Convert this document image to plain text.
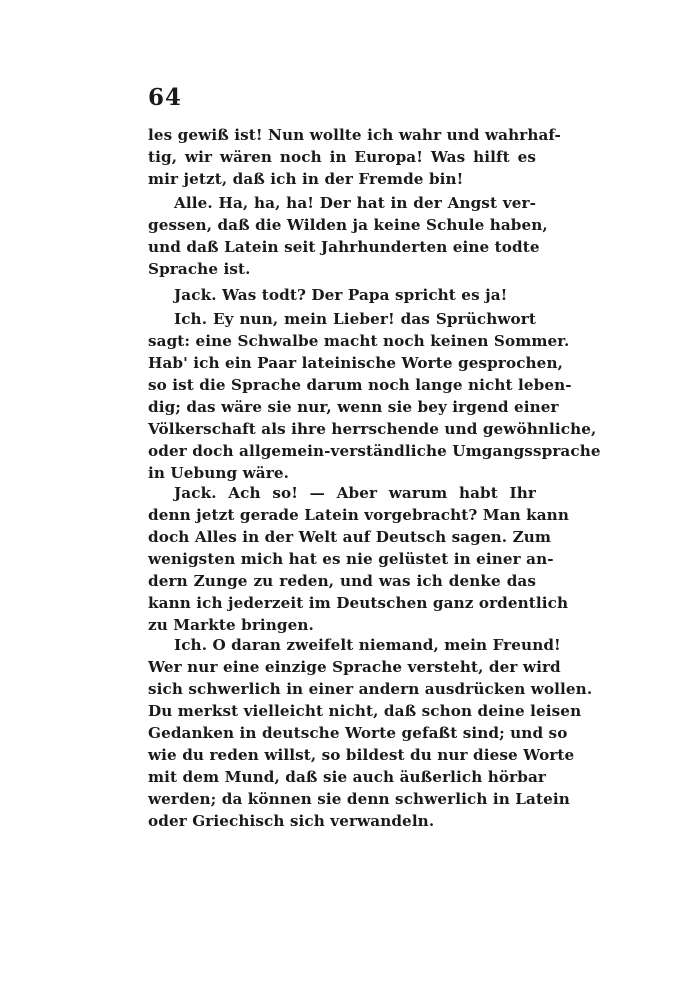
64
les gewiß ist! Nun wollte ich wahr und wahrhaf-
tig, wir wären noch in Europa! Was hilft es
mir jetzt, daß ich in der Fremde bin!
Alle. Ha, ha, ha! Der hat in der Angst ver-
gessen, daß die Wilden ja keine Schule haben,
und daß Latein seit Jahrhunderten eine todte
Sprache ist.
Jack. Was todt? Der Papa spricht es ja!
Ich. Ey nun, mein Lieber! das Sprüchwort
sagt: eine Schwalbe macht noch keinen Sommer.
Hab' ich ein Paar lateinische Worte gesprochen,
so ist die Sprache darum noch lange nicht leben-
dig; das wäre sie nur, wenn sie bey irgend einer
Völkerschaft als ihre herrschende und gewöhnliche,
oder doch allgemein-verständliche Umgangssprache
in Uebung wäre.
Jack. Ach so! — Aber warum habt Ihr
denn jetzt gerade Latein vorgebracht? Man kann
doch Alles in der Welt auf Deutsch sagen. Zum
wenigsten mich hat es nie gelüstet in einer an-
dern Zunge zu reden, und was ich denke das
kann ich jederzeit im Deutschen ganz ordentlich
zu Markte bringen.
Ich. O daran zweifelt niemand, mein Freund!
Wer nur eine einzige Sprache versteht, der wird
sich schwerlich in einer andern ausdrücken wollen.
Du merkst vielleicht nicht, daß schon deine leisen
Gedanken in deutsche Worte gefaßt sind; und so
wie du reden willst, so bildest du nur diese Worte
mit dem Mund, daß sie auch äußerlich hörbar
werden; da können sie denn schwerlich in Latein
oder Griechisch sich verwandeln.
